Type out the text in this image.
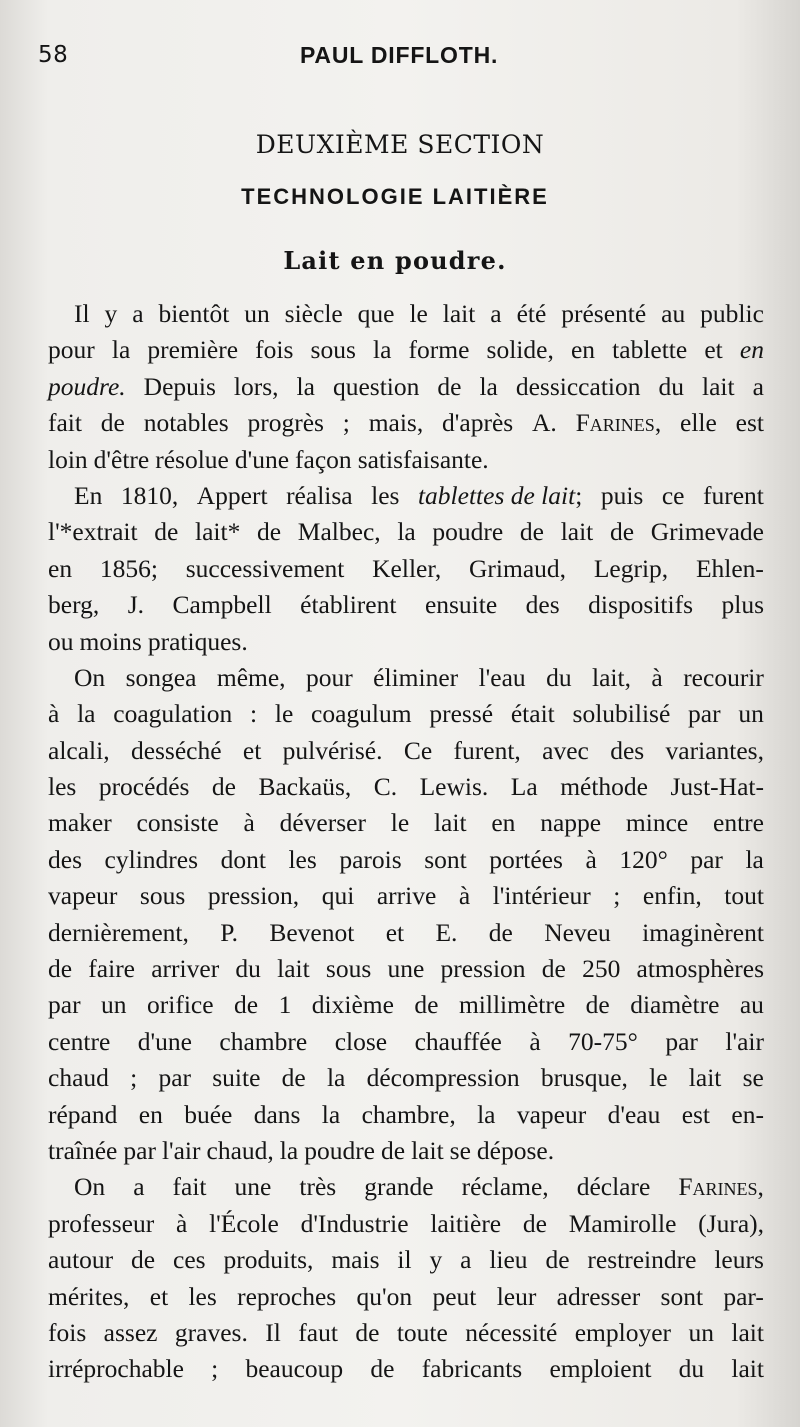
58	PAUL DIFFLOTH.
DEUXIÈME SECTION
TECHNOLOGIE LAITIÈRE
Lait en poudre.
Il y a bientôt un siècle que le lait a été présenté au public
pour la première fois sous la forme solide, en tablette et en
poudre. Depuis lors, la question de la dessiccation du lait a
fait de notables progrès ; mais, d'après A. Farines, elle est
loin d'être résolue d'une façon satisfaisante.
En 1810, Appert réalisa les tablettes de lait; puis ce furent
l'*extrait de lait* de Malbec, la poudre de lait de Grimevade
en 1856; successivement Keller, Grimaud, Legrip, Ehlen-
berg, J. Campbell établirent ensuite des dispositifs plus
ou moins pratiques.
On songea même, pour éliminer l'eau du lait, à recourir
à la coagulation : le coagulum pressé était solubilisé par un
alcali, desséché et pulvérisé. Ce furent, avec des variantes,
les procédés de Backaüs, C. Lewis. La méthode Just-Hat-
maker consiste à déverser le lait en nappe mince entre
des cylindres dont les parois sont portées à 120° par la
vapeur sous pression, qui arrive à l'intérieur ; enfin, tout
dernièrement, P. Bevenot et E. de Neveu imaginèrent
de faire arriver du lait sous une pression de 250 atmosphères
par un orifice de 1 dixième de millimètre de diamètre au
centre d'une chambre close chauffée à 70-75° par l'air
chaud ; par suite de la décompression brusque, le lait se
répand en buée dans la chambre, la vapeur d'eau est en-
traînée par l'air chaud, la poudre de lait se dépose.
On a fait une très grande réclame, déclare Farines,
professeur à l'École d'Industrie laitière de Mamirolle (Jura),
autour de ces produits, mais il y a lieu de restreindre leurs
mérites, et les reproches qu'on peut leur adresser sont par-
fois assez graves. Il faut de toute nécessité employer un lait
irréprochable ; beaucoup de fabricants emploient du lait
